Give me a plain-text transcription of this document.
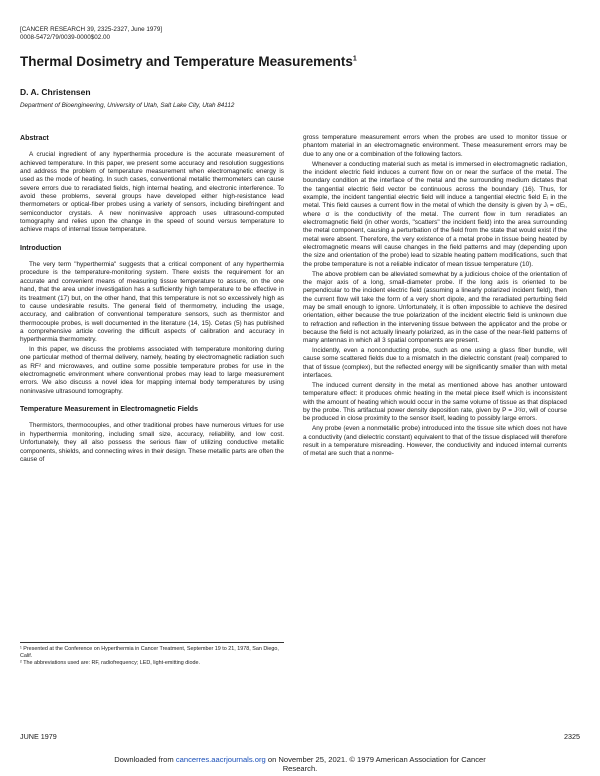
[CANCER RESEARCH 39, 2325-2327, June 1979]
0008-5472/79/0039-0000$02.00
Thermal Dosimetry and Temperature Measurements$^1$
D. A. Christensen
Department of Bioengineering, University of Utah, Salt Lake City, Utah 84112
Abstract

A crucial ingredient of any hyperthermia procedure is the accurate measurement of achieved temperature. In this paper, we present some accuracy and resolution suggestions and address the problem of temperature measurement when electromagnetic energy is used as the mode of heating. In such cases, conventional metallic thermometers can cause severe errors due to reradiated fields, high internal heating, and electronic interference. To avoid these problems, several groups have developed either high-resistance lead thermometers or optical-fiber probes using a variety of sensors, including birefringent and semiconductor crystals. A new noninvasive approach uses ultrasound-computed tomography and relies upon the change in the speed of sound versus temperature to achieve maps of internal tissue temperature.

Introduction

The very term "hyperthermia" suggests that a critical component of any hyperthermia procedure is the temperature-monitoring system. There exists the requirement for an accurate and convenient means of measuring tissue temperature to assure, on the one hand, that the area under investigation has a sufficiently high temperature to be effective in its treatment (17) but, on the other hand, that this temperature is not so excessively high as to cause undesirable results. The general field of thermometry, including the usage, accuracy, and calibration of conventional temperature sensors, such as thermistor and thermocouple probes, is well documented in the literature (14, 15). Cetas (5) has published a comprehensive article covering the difficult aspects of calibration and accuracy in hyperthermia thermometry.

In this paper, we discuss the problems associated with temperature monitoring during one particular method of thermal delivery, namely, heating by electromagnetic radiation such as RF² and microwaves, and outline some possible temperature probes for use in the electromagnetic environment where conventional probes may lead to large measurement errors. We also discuss a novel idea for mapping internal body temperatures by using noninvasive ultrasound tomography.

Temperature Measurement in Electromagnetic Fields

Thermistors, thermocouples, and other traditional probes have numerous virtues for use in hyperthermia monitoring, including small size, accuracy, reliability, and low cost. Unfortunately, they all also possess the serious flaw of utilizing conductive metallic components, shields, and connecting wires in their design. These metallic parts are often the cause of

¹ Presented at the Conference on Hyperthermia in Cancer Treatment, September 19 to 21, 1978, San Diego, Calif.

² The abbreviations used are: RF, radiofrequency; LED, light-emitting diode.

gross temperature measurement errors when the probes are used to monitor tissue or phantom material in an electromagnetic environment. These measurement errors may be due to any one or a combination of the following factors.

Whenever a conducting material such as metal is immersed in electromagnetic radiation, the incident electric field induces a current flow on or near the surface of the metal. The boundary condition at the interface of the metal and the surrounding medium dictates that the tangential electric field vector be continuous across the boundary (16). Thus, for example, the incident tangential electric field will induce a tangential electric field Eᵢ in the metal. This field causes a current flow in the metal of which the density is given by Jᵢ = σEᵢ, where σ is the conductivity of the metal. The current flow in turn reradiates an electromagnetic field (in other words, "scatters" the incident field) into the area surrounding the metal component, causing a perturbation of the field from the state that would exist if the metal were absent. Therefore, the very existence of a metal probe in tissue being heated by electromagnetic means will cause changes in the field patterns and may (depending upon the size and orientation of the probe) lead to sizable heating pattern modifications, such that the probe temperature is not a reliable indicator of mean tissue temperature (10).

The above problem can be alleviated somewhat by a judicious choice of the orientation of the major axis of a long, small-diameter probe. If the long axis is oriented to be perpendicular to the incident electric field (assuming a linearly polarized incident field), then the current flow will take the form of a very short dipole, and the reradiated perturbing field may be small enough to ignore. Unfortunately, it is often impossible to achieve the desired orientation, either because the true polarization of the incident electric field is unknown due to refraction and reflection in the intervening tissue between the applicator and the probe or because the field is not actually linearly polarized, as in the case of the near-field patterns of many antennas in which all 3 spatial components are present.

Incidently, even a nonconducting probe, such as one using a glass fiber bundle, will cause some scattered fields due to a mismatch in the dielectric constant (real) compared to that of tissue (complex), but the reflected energy will be significantly smaller than with metal interfaces.

The induced current density in the metal as mentioned above has another untoward temperature effect: it produces ohmic heating in the metal piece itself which is inconsistent with the amount of heating which would occur in the same volume of tissue as that displaced by the probe. This artifactual power density deposition rate, given by P = J²/σ, will of course be produced in close proximity to the sensor itself, leading to possibly large errors.

Any probe (even a nonmetallic probe) introduced into the tissue site which does not have a conductivity (and dielectric constant) equivalent to that of the tissue displaced will therefore result in a temperature misreading. However, the conductivity and induced internal currents of metal are such that a nonme-

JUNE 1979	2325
Downloaded from cancerres.aacrjournals.org on November 25, 2021. © 1979 American Association for Cancer
Research.
